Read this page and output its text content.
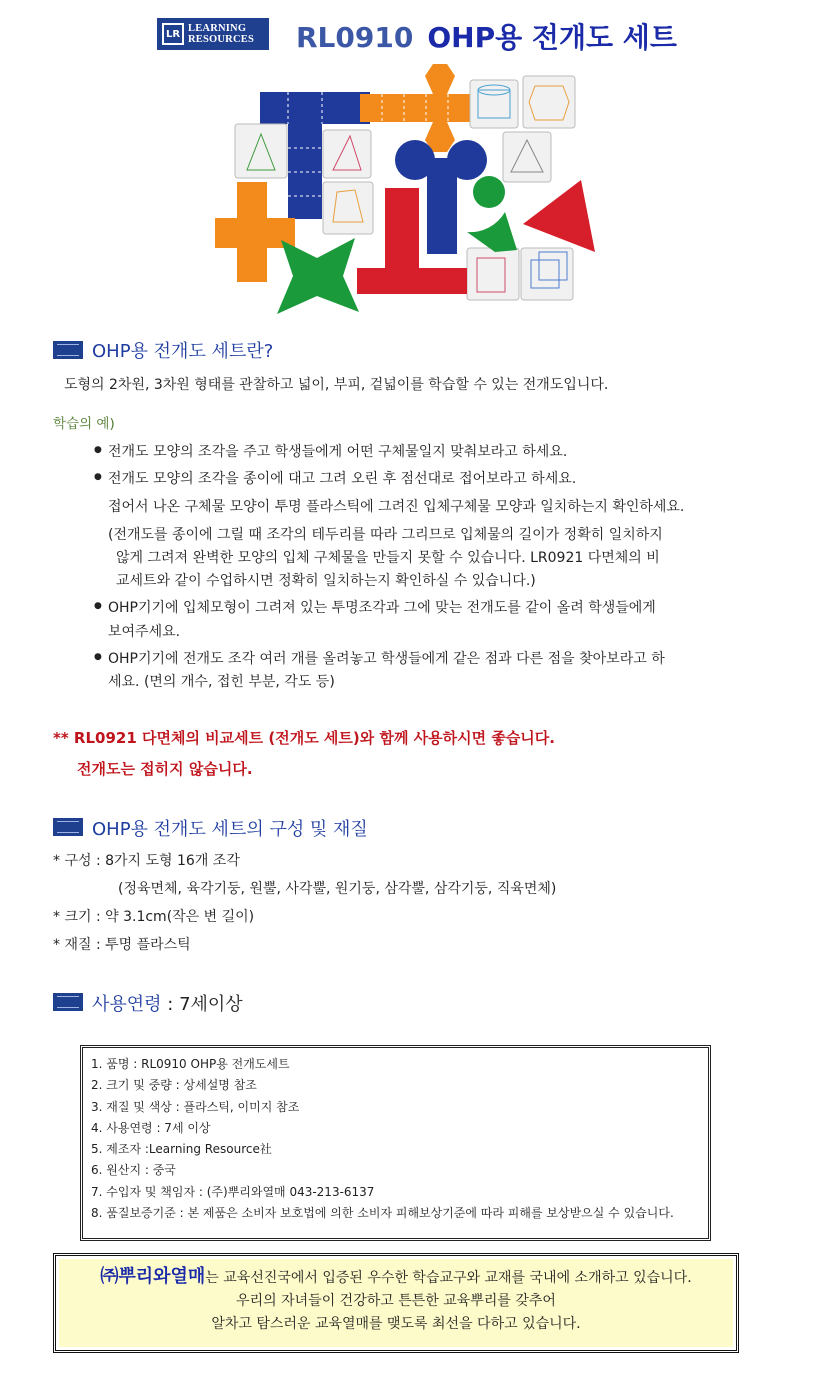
LR LEARNING
RESOURCES RL0910 OHP용 전개도 세트
OHP용 전개도 세트란?
도형의 2차원, 3차원 형태를 관찰하고 넓이, 부피, 겉넓이를 학습할 수 있는 전개도입니다.
학습의 예)
● 전개도 모양의 조각을 주고 학생들에게 어떤 구체물일지 맞춰보라고 하세요.
● 전개도 모양의 조각을 종이에 대고 그려 오린 후 점선대로 접어보라고 하세요.
접어서 나온 구체물 모양이 투명 플라스틱에 그려진 입체구체물 모양과 일치하는지 확인하세요.
(전개도를 종이에 그릴 때 조각의 테두리를 따라 그리므로 입체물의 길이가 정확히 일치하지
않게 그려져 완벽한 모양의 입체 구체물을 만들지 못할 수 있습니다. LR0921 다면체의 비
교세트와 같이 수업하시면 정확히 일치하는지 확인하실 수 있습니다.)
● OHP기기에 입체모형이 그려져 있는 투명조각과 그에 맞는 전개도를 같이 올려 학생들에게
보여주세요.
● OHP기기에 전개도 조각 여러 개를 올려놓고 학생들에게 같은 점과 다른 점을 찾아보라고 하
세요. (면의 개수, 접힌 부분, 각도 등)
** RL0921 다면체의 비교세트 (전개도 세트)와 함께 사용하시면 좋습니다.
전개도는 접히지 않습니다.
OHP용 전개도 세트의 구성 및 재질
* 구성 : 8가지 도형 16개 조각
(정육면체, 육각기둥, 원뿔, 사각뿔, 원기둥, 삼각뿔, 삼각기둥, 직육면체)
* 크기 : 약 3.1cm(작은 변 길이)
* 재질 : 투명 플라스틱
사용연령 : 7세이상
1. 품명 : RL0910 OHP용 전개도세트
2. 크기 및 중량 : 상세설명 참조
3. 재질 및 색상 : 플라스틱, 이미지 참조
4. 사용연령 : 7세 이상
5. 제조자 :Learning Resource社
6. 원산지 : 중국
7. 수입자 및 책임자 : (주)뿌리와열매 043-213-6137
8. 품질보증기준 : 본 제품은 소비자 보호법에 의한 소비자 피해보상기준에 따라 피해를 보상받으실 수 있습니다.
㈜뿌리와열매는 교육선진국에서 입증된 우수한 학습교구와 교재를 국내에 소개하고 있습니다.
우리의 자녀들이 건강하고 튼튼한 교육뿌리를 갖추어
알차고 탐스러운 교육열매를 맺도록 최선을 다하고 있습니다.
